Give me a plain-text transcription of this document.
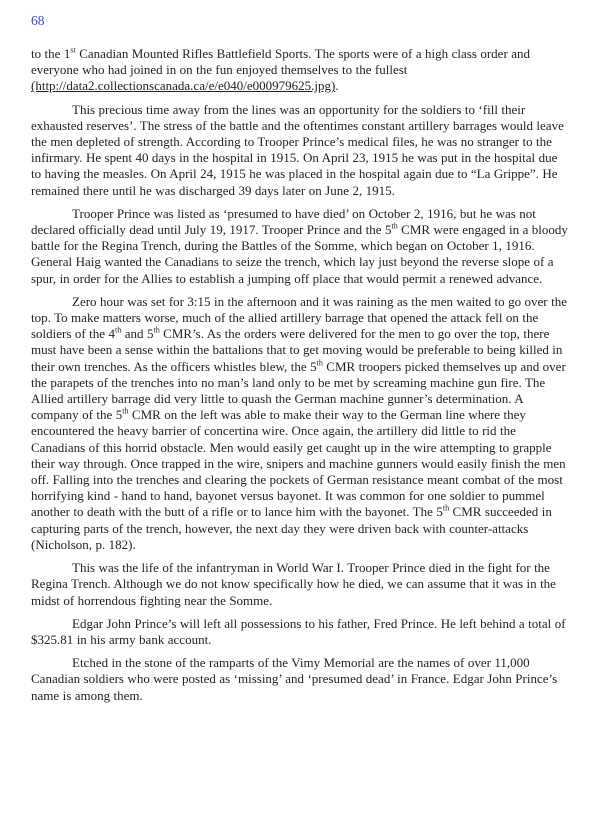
68

to the 1st Canadian Mounted Rifles Battlefield Sports. The sports were of a high class order and everyone who had joined in on the fun enjoyed themselves to the fullest (http://data2.collectionscanada.ca/e/e040/e000979625.jpg).

This precious time away from the lines was an opportunity for the soldiers to ‘fill their exhausted reserves’. The stress of the battle and the oftentimes constant artillery barrages would leave the men depleted of strength. According to Trooper Prince’s medical files, he was no stranger to the infirmary. He spent 40 days in the hospital in 1915. On April 23, 1915 he was put in the hospital due to having the measles. On April 24, 1915 he was placed in the hospital again due to “La Grippe”. He remained there until he was discharged 39 days later on June 2, 1915.

Trooper Prince was listed as ‘presumed to have died’ on October 2, 1916, but he was not declared officially dead until July 19, 1917. Trooper Prince and the 5th CMR were engaged in a bloody battle for the Regina Trench, during the Battles of the Somme, which began on October 1, 1916. General Haig wanted the Canadians to seize the trench, which lay just beyond the reverse slope of a spur, in order for the Allies to establish a jumping off place that would permit a renewed advance.

Zero hour was set for 3:15 in the afternoon and it was raining as the men waited to go over the top. To make matters worse, much of the allied artillery barrage that opened the attack fell on the soldiers of the 4th and 5th CMR’s. As the orders were delivered for the men to go over the top, there must have been a sense within the battalions that to get moving would be preferable to being killed in their own trenches. As the officers whistles blew, the 5th CMR troopers picked themselves up and over the parapets of the trenches into no man’s land only to be met by screaming machine gun fire. The Allied artillery barrage did very little to quash the German machine gunner’s determination. A company of the 5th CMR on the left was able to make their way to the German line where they encountered the heavy barrier of concertina wire. Once again, the artillery did little to rid the Canadians of this horrid obstacle. Men would easily get caught up in the wire attempting to grapple their way through. Once trapped in the wire, snipers and machine gunners would easily finish the men off. Falling into the trenches and clearing the pockets of German resistance meant combat of the most horrifying kind - hand to hand, bayonet versus bayonet. It was common for one soldier to pummel another to death with the butt of a rifle or to lance him with the bayonet. The 5th CMR succeeded in capturing parts of the trench, however, the next day they were driven back with counter-attacks (Nicholson, p. 182).

This was the life of the infantryman in World War I. Trooper Prince died in the fight for the Regina Trench. Although we do not know specifically how he died, we can assume that it was in the midst of horrendous fighting near the Somme.

Edgar John Prince’s will left all possessions to his father, Fred Prince. He left behind a total of $325.81 in his army bank account.

Etched in the stone of the ramparts of the Vimy Memorial are the names of over 11,000 Canadian soldiers who were posted as ‘missing’ and ‘presumed dead’ in France. Edgar John Prince’s name is among them.
